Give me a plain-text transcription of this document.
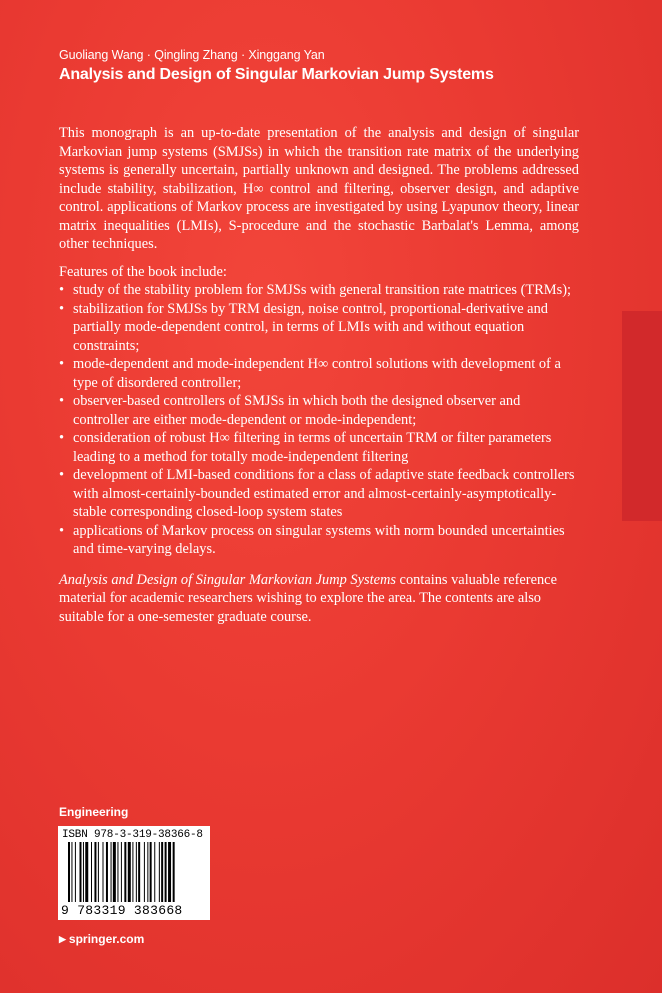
Guoliang Wang · Qingling Zhang · Xinggang Yan
Analysis and Design of Singular Markovian Jump Systems

This monograph is an up-to-date presentation of the analysis and design of singular Markovian jump systems (SMJSs) in which the transition rate matrix of the underlying systems is generally uncertain, partially unknown and designed. The problems addressed include stability, stabilization, H∞ control and filtering, observer design, and adaptive control. applications of Markov process are investigated by using Lyapunov theory, linear matrix inequalities (LMIs), S-procedure and the stochastic Barbalat's Lemma, among other techniques.

Features of the book include:

• study of the stability problem for SMJSs with general transition rate matrices (TRMs);
• stabilization for SMJSs by TRM design, noise control, proportional-derivative and partially mode-dependent control, in terms of LMIs with and without equation constraints;
• mode-dependent and mode-independent H∞ control solutions with development of a type of disordered controller;
• observer-based controllers of SMJSs in which both the designed observer and controller are either mode-dependent or mode-independent;
• consideration of robust H∞ filtering in terms of uncertain TRM or filter parameters leading to a method for totally mode-independent filtering
• development of LMI-based conditions for a class of adaptive state feedback controllers with almost-certainly-bounded estimated error and almost-certainly-asymptotically-stable corresponding closed-loop system states
• applications of Markov process on singular systems with norm bounded uncertainties and time-varying delays.

Analysis and Design of Singular Markovian Jump Systems contains valuable reference material for academic researchers wishing to explore the area. The contents are also suitable for a one-semester graduate course.

Engineering
ISBN 978-3-319-38366-8
9 783319 383668
▶ springer.com
